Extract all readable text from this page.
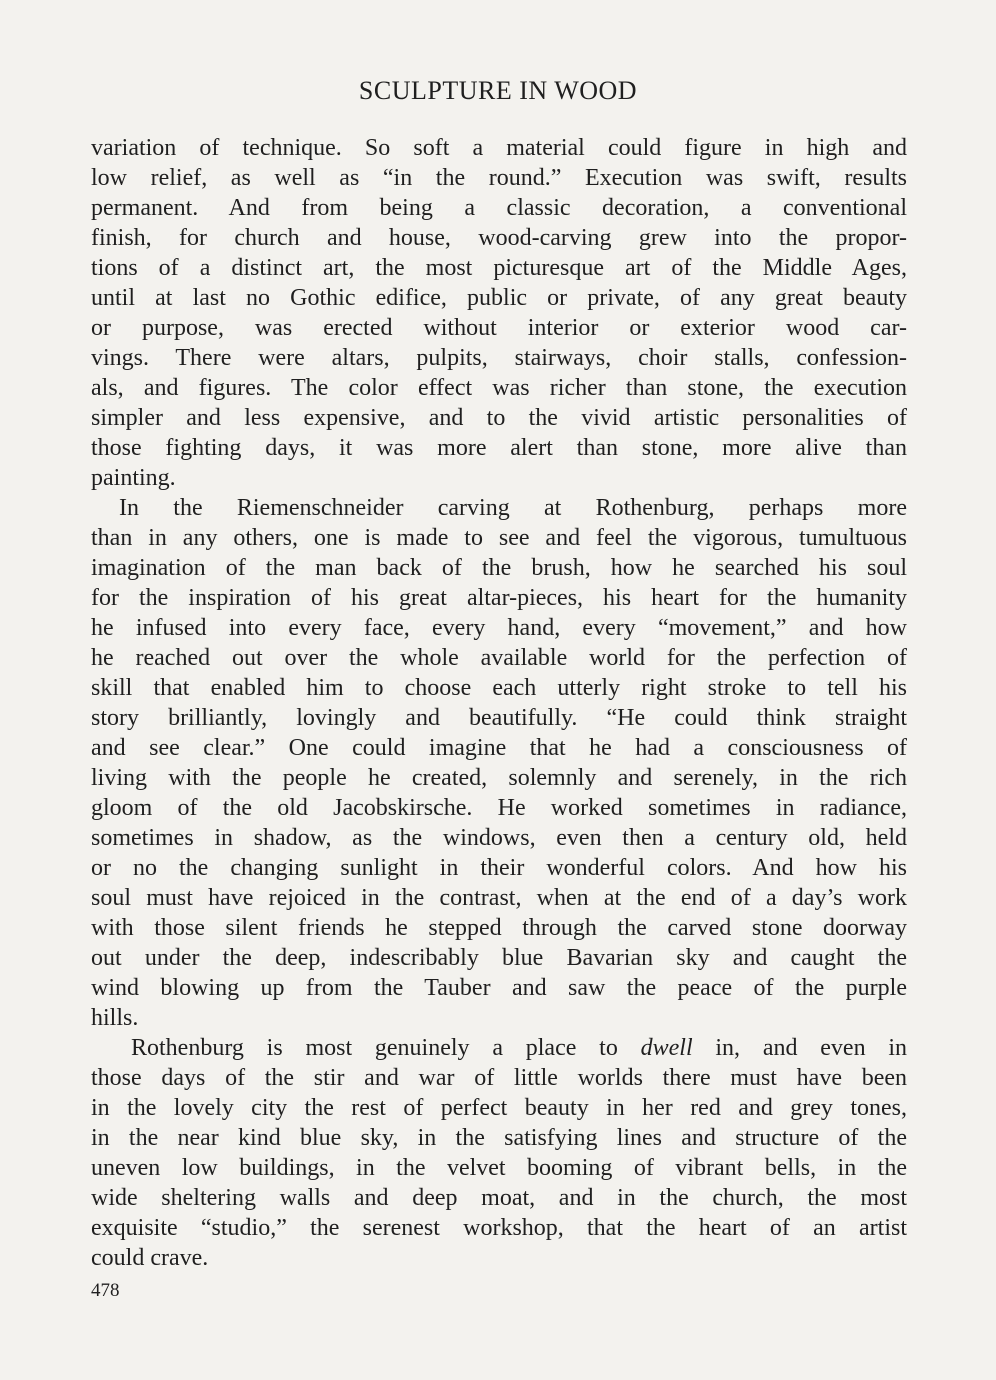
SCULPTURE IN WOOD
variation of technique. So soft a material could figure in high and
low relief, as well as “in the round.” Execution was swift, results
permanent. And from being a classic decoration, a conventional
finish, for church and house, wood-carving grew into the propor-
tions of a distinct art, the most picturesque art of the Middle Ages,
until at last no Gothic edifice, public or private, of any great beauty
or purpose, was erected without interior or exterior wood car-
vings. There were altars, pulpits, stairways, choir stalls, confession-
als, and figures. The color effect was richer than stone, the execution
simpler and less expensive, and to the vivid artistic personalities of
those fighting days, it was more alert than stone, more alive than
painting.
In the Riemenschneider carving at Rothenburg, perhaps more
than in any others, one is made to see and feel the vigorous, tumultuous
imagination of the man back of the brush, how he searched his soul
for the inspiration of his great altar-pieces, his heart for the humanity
he infused into every face, every hand, every “movement,” and how
he reached out over the whole available world for the perfection of
skill that enabled him to choose each utterly right stroke to tell his
story brilliantly, lovingly and beautifully. “He could think straight
and see clear.” One could imagine that he had a consciousness of
living with the people he created, solemnly and serenely, in the rich
gloom of the old Jacobskirsche. He worked sometimes in radiance,
sometimes in shadow, as the windows, even then a century old, held
or no the changing sunlight in their wonderful colors. And how his
soul must have rejoiced in the contrast, when at the end of a day’s work
with those silent friends he stepped through the carved stone doorway
out under the deep, indescribably blue Bavarian sky and caught the
wind blowing up from the Tauber and saw the peace of the purple
hills.
Rothenburg is most genuinely a place to dwell in, and even in
those days of the stir and war of little worlds there must have been
in the lovely city the rest of perfect beauty in her red and grey tones,
in the near kind blue sky, in the satisfying lines and structure of the
uneven low buildings, in the velvet booming of vibrant bells, in the
wide sheltering walls and deep moat, and in the church, the most
exquisite “studio,” the serenest workshop, that the heart of an artist
could crave.
478
